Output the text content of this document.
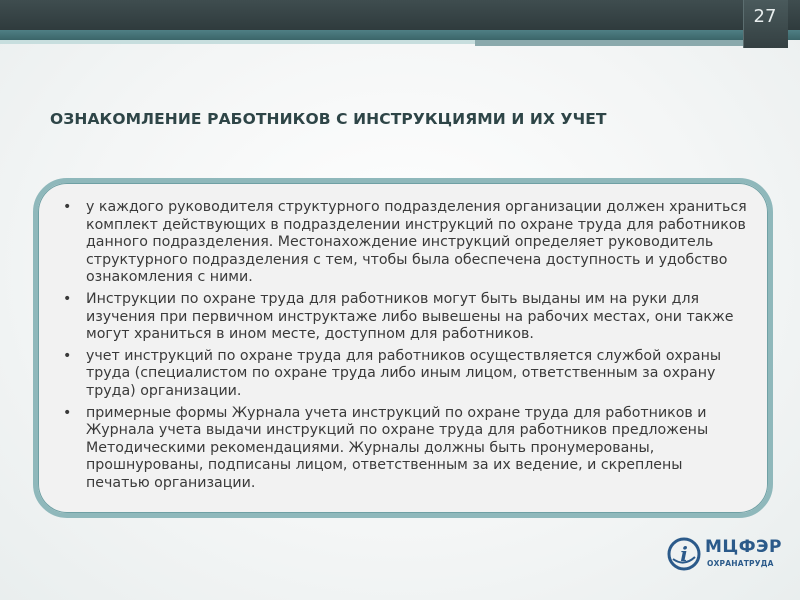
27
ОЗНАКОМЛЕНИЕ РАБОТНИКОВ С ИНСТРУКЦИЯМИ И ИХ УЧЕТ
• у каждого руководителя структурного подразделения организации должен храниться комплект действующих в подразделении инструкций по охране труда для работников данного подразделения. Местонахождение инструкций определяет руководитель структурного подразделения с тем, чтобы была обеспечена доступность и удобство ознакомления с ними.
• Инструкции по охране труда для работников могут быть выданы им на руки для изучения при первичном инструктаже либо вывешены на рабочих местах, они также могут храниться в ином месте, доступном для работников.
• учет инструкций по охране труда для работников осуществляется службой охраны труда (специалистом по охране труда либо иным лицом, ответственным за охрану труда) организации.
• примерные формы Журнала учета инструкций по охране труда для работников и Журнала учета выдачи инструкций по охране труда для работников предложены Методическими рекомендациями. Журналы должны быть пронумерованы, прошнурованы, подписаны лицом, ответственным за их ведение, и скреплены печатью организации.
i МЦФЭР
ОХРАНАТРУДА
